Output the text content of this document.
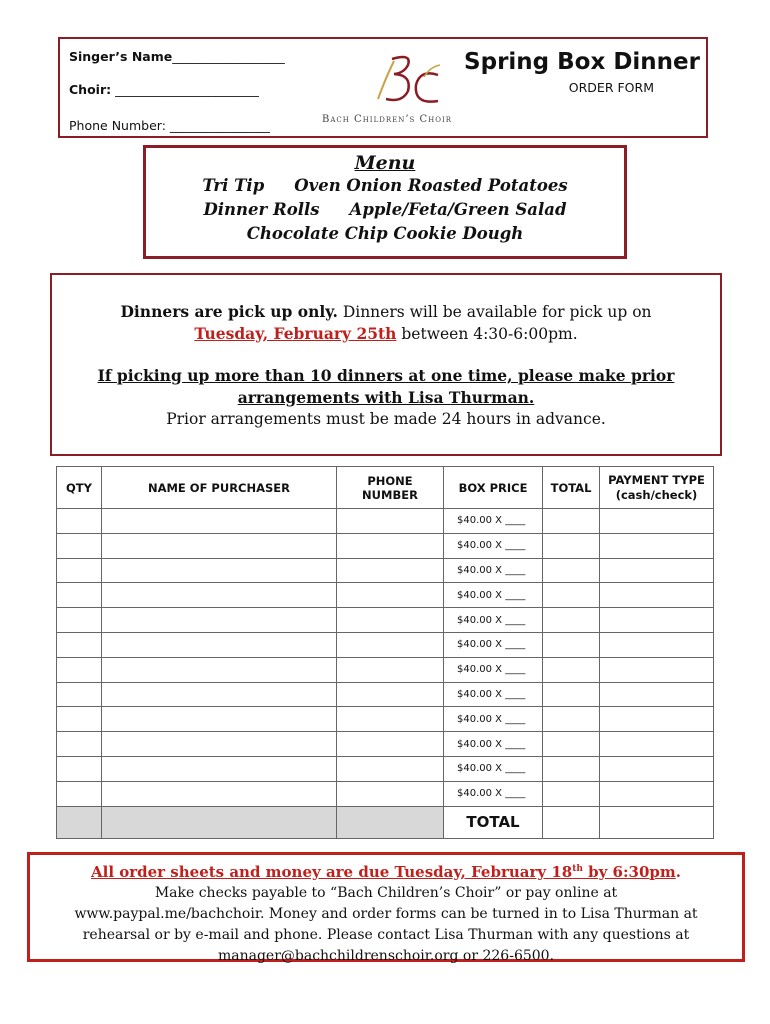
Singer’s Name__________________
Choir: _______________________
Phone Number: ________________	Bach Children’s Choir
Spring Box Dinner
ORDER FORM
Menu
Tri Tip Oven Onion Roasted Potatoes
Dinner Rolls Apple/Feta/Green Salad
Chocolate Chip Cookie Dough
Dinners are pick up only. Dinners will be available for pick up on
Tuesday, February 25th between 4:30-6:00pm.
If picking up more than 10 dinners at one time, please make prior
arrangements with Lisa Thurman.
Prior arrangements must be made 24 hours in advance.
QTY	NAME OF PURCHASER	PHONE NUMBER	BOX PRICE	TOTAL	PAYMENT TYPE
(cash/check)
			$40.00 X ____		
			$40.00 X ____		
			$40.00 X ____		
			$40.00 X ____		
			$40.00 X ____		
			$40.00 X ____		
			$40.00 X ____		
			$40.00 X ____		
			$40.00 X ____		
			$40.00 X ____		
			$40.00 X ____		
			$40.00 X ____		
			TOTAL		
All order sheets and money are due Tuesday, February 18th by 6:30pm.
Make checks payable to “Bach Children’s Choir” or pay online at
www.paypal.me/bachchoir. Money and order forms can be turned in to Lisa Thurman at
rehearsal or by e-mail and phone. Please contact Lisa Thurman with any questions at
manager@bachchildrenschoir.org or 226-6500.
